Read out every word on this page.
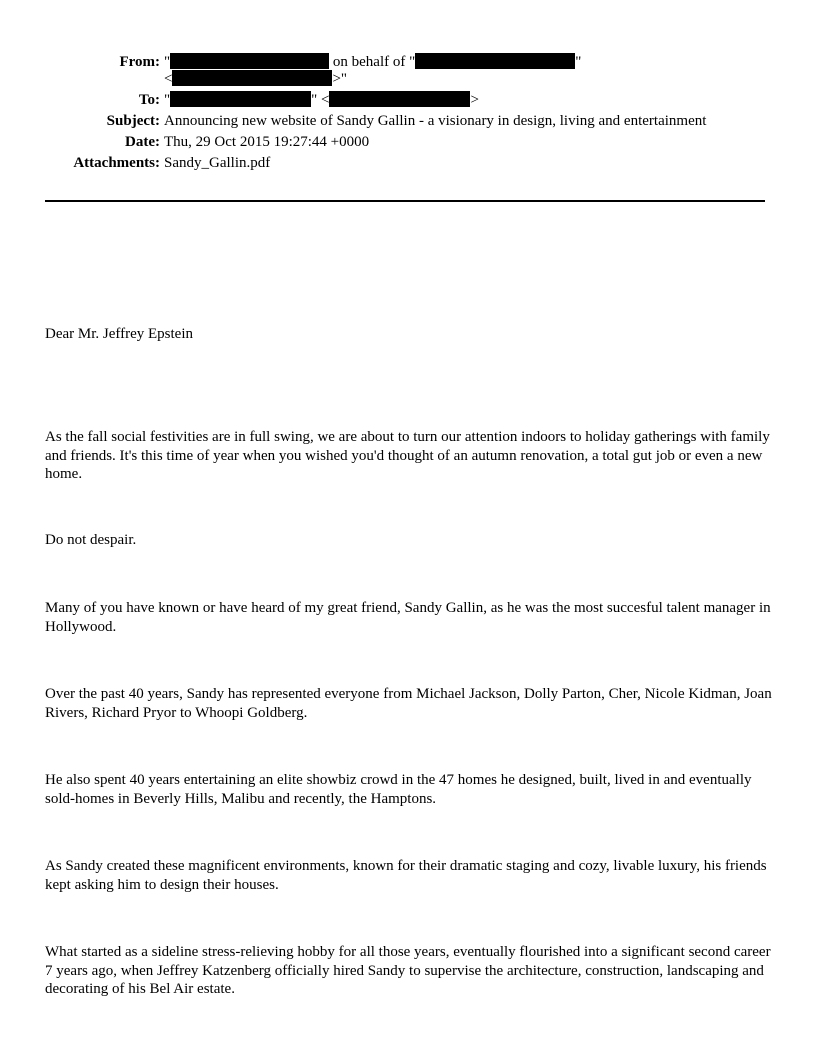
From: "	on behalf of "	"
<	>"
To: "	" <	>
Subject: Announcing new website of Sandy Gallin - a visionary in design, living and entertainment
Date: Thu, 29 Oct 2015 19:27:44 +0000
Attachments: Sandy_Gallin.pdf

Dear Mr. Jeffrey Epstein

As the fall social festivities are in full swing, we are about to turn our attention indoors to holiday gatherings with family and friends. It's this time of year when you wished you'd thought of an autumn renovation, a total gut job or even a new home.

Do not despair.

Many of you have known or have heard of my great friend, Sandy Gallin, as he was the most succesful talent manager in Hollywood.

Over the past 40 years, Sandy has represented everyone from Michael Jackson, Dolly Parton, Cher, Nicole Kidman, Joan Rivers, Richard Pryor to Whoopi Goldberg.

He also spent 40 years entertaining an elite showbiz crowd in the 47 homes he designed, built, lived in and eventually sold-homes in Beverly Hills, Malibu and recently, the Hamptons.

As Sandy created these magnificent environments, known for their dramatic staging and cozy, livable luxury, his friends kept asking him to design their houses.

What started as a sideline stress-relieving hobby for all those years, eventually flourished into a significant second career 7 years ago, when Jeffrey Katzenberg officially hired Sandy to supervise the architecture, construction, landscaping and decorating of his Bel Air estate.
